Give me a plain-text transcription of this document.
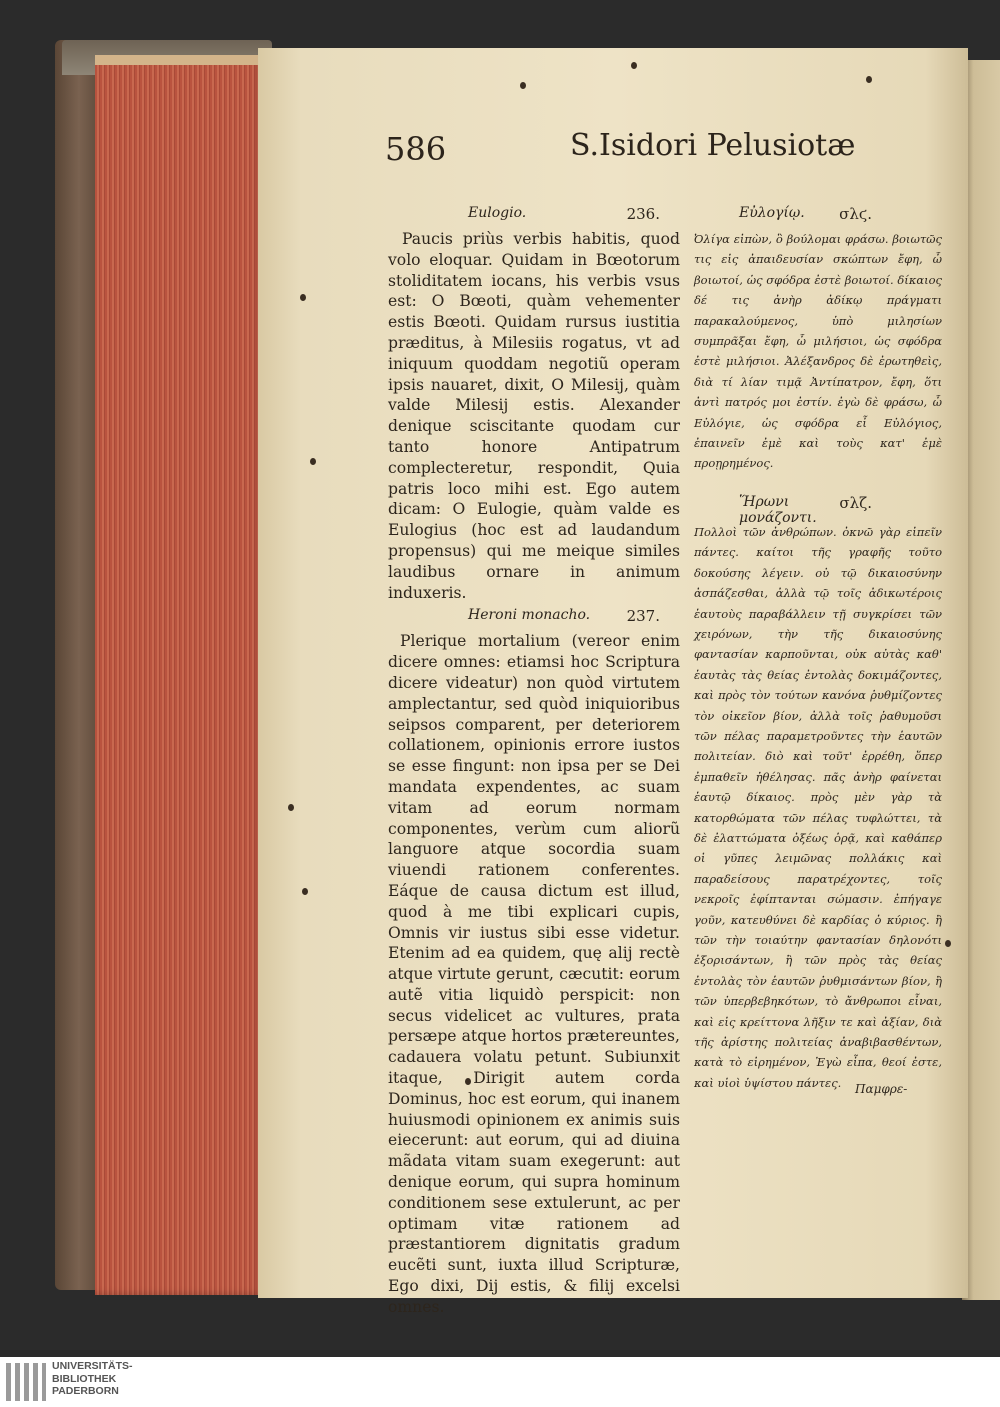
586	S.Isidori Pelusiotæ
Eulogio.	236.
Paucis priùs verbis habitis, quod volo eloquar. Quidam in Bœotorum stoliditatem iocans, his verbis vsus est: O Bœoti, quàm vehementer estis Bœoti. Quidam rursus iustitia præditus, à Milesiis rogatus, vt ad iniquum quoddam negotiũ operam ipsis nauaret, dixit, O Milesij, quàm valde Milesij estis. Alexander denique sciscitante quodam cur tanto honore Antipatrum complecteretur, respondit, Quia patris loco mihi est. Ego autem dicam: O Eulogie, quàm valde es Eulogius (hoc est ad laudandum propensus) qui me meique similes laudibus ornare in animum induxeris.
Heroni monacho. 237.
Plerique mortalium (vereor enim dicere omnes: etiamsi hoc Scriptura dicere videatur) non quòd virtutem amplectantur, sed quòd iniquioribus seipsos comparent, per deteriorem collationem, opinionis errore iustos se esse fingunt: non ipsa per se Dei mandata expendentes, ac suam vitam ad eorum normam componentes, verùm cum aliorũ languore atque socordia suam viuendi rationem conferentes. Eáque de causa dictum est illud, quod à me tibi explicari cupis, Omnis vir iustus sibi esse videtur. Etenim ad ea quidem, quę alij rectè atque virtute gerunt, cæcutit: eorum autẽ vitia liquidò perspicit: non secus videlicet ac vultures, prata persæpe atque hortos prætereuntes, cadauera volatu petunt. Subiunxit itaque, Dirigit autem corda Dominus, hoc est eorum, qui inanem huiusmodi opinionem ex animis suis eiecerunt: aut eorum, qui ad diuina mãdata vitam suam exegerunt: aut denique eorum, qui supra hominum conditionem sese extulerunt, ac per optimam vitæ rationem ad præstantiorem dignitatis gradum eucẽti sunt, iuxta illud Scripturæ, Ego dixi, Dij estis, & filij excelsi omnes.
Εὐλογίῳ. σλϛ.
Ὀλίγα εἰπὼν, ὃ βούλομαι φράσω. βοιωτῶς τις εἰς ἀπαιδευσίαν σκώπτων ἔφη, ὦ βοιωτοί, ὡς σφόδρα ἐστὲ βοιωτοί. δίκαιος δέ τις ἀνὴρ ἀδίκῳ πράγματι παρακαλούμενος, ὑπὸ μιλησίων συμπρᾶξαι ἔφη, ὦ μιλήσιοι, ὡς σφόδρα ἐστὲ μιλήσιοι. Ἀλέξανδρος δὲ ἐρωτηθεὶς, διὰ τί λίαν τιμᾷ Ἀντίπατρον, ἔφη, ὅτι ἀντὶ πατρός μοι ἐστίν. ἐγὼ δὲ φράσω, ὦ Εὐλόγιε, ὡς σφόδρα εἶ Εὐλόγιος, ἐπαινεῖν ἐμὲ καὶ τοὺς κατ' ἐμὲ προῃρημένος.
Ἥρωνι μονάζοντι.
σλζ.
Πολλοὶ τῶν ἀνθρώπων. ὀκνῶ γὰρ εἰπεῖν πάντες. καίτοι τῆς γραφῆς τοῦτο δοκούσης λέγειν. οὐ τῷ δικαιοσύνην ἀσπάζεσθαι, ἀλλὰ τῷ τοῖς ἀδικωτέροις ἑαυτοὺς παραβάλλειν τῇ συγκρίσει τῶν χειρόνων, τὴν τῆς δικαιοσύνης φαντασίαν καρποῦνται, οὐκ αὐτὰς καθ' ἑαυτὰς τὰς θείας ἐντολὰς δοκιμάζοντες, καὶ πρὸς τὸν τούτων κανόνα ῥυθμίζοντες τὸν οἰκεῖον βίον, ἀλλὰ τοῖς ῥαθυμοῦσι τῶν πέλας παραμετροῦντες τὴν ἑαυτῶν πολιτείαν. διὸ καὶ τοῦτ' ἐρρέθη, ὅπερ ἐμπαθεῖν ἠθέλησας. πᾶς ἀνὴρ φαίνεται ἑαυτῷ δίκαιος. πρὸς μὲν γὰρ τὰ κατορθώματα τῶν πέλας τυφλώττει, τὰ δὲ ἐλαττώματα ὀξέως ὁρᾷ, καὶ καθάπερ οἱ γῦπες λειμῶνας πολλάκις καὶ παραδείσους παρατρέχοντες, τοῖς νεκροῖς ἐφίπτανται σώμασιν. ἐπήγαγε γοῦν, κατευθύνει δὲ καρδίας ὁ κύριος. ἢ τῶν τὴν τοιαύτην φαντασίαν δηλονότι ἐξορισάντων, ἢ τῶν πρὸς τὰς θείας ἐντολὰς τὸν ἑαυτῶν ῥυθμισάντων βίον, ἢ τῶν ὑπερβεβηκότων, τὸ ἄνθρωποι εἶναι, καὶ εἰς κρείττονα λῆξιν τε καὶ ἀξίαν, διὰ τῆς ἀρίστης πολιτείας ἀναβιβασθέντων, κατὰ τὸ εἰρημένον, Ἐγὼ εἶπα, θεοί ἐστε, καὶ υἱοὶ ὑψίστου πάντες.	Παμφρε-
UNIVERSITÄTS-
BIBLIOTHEK
PADERBORN
